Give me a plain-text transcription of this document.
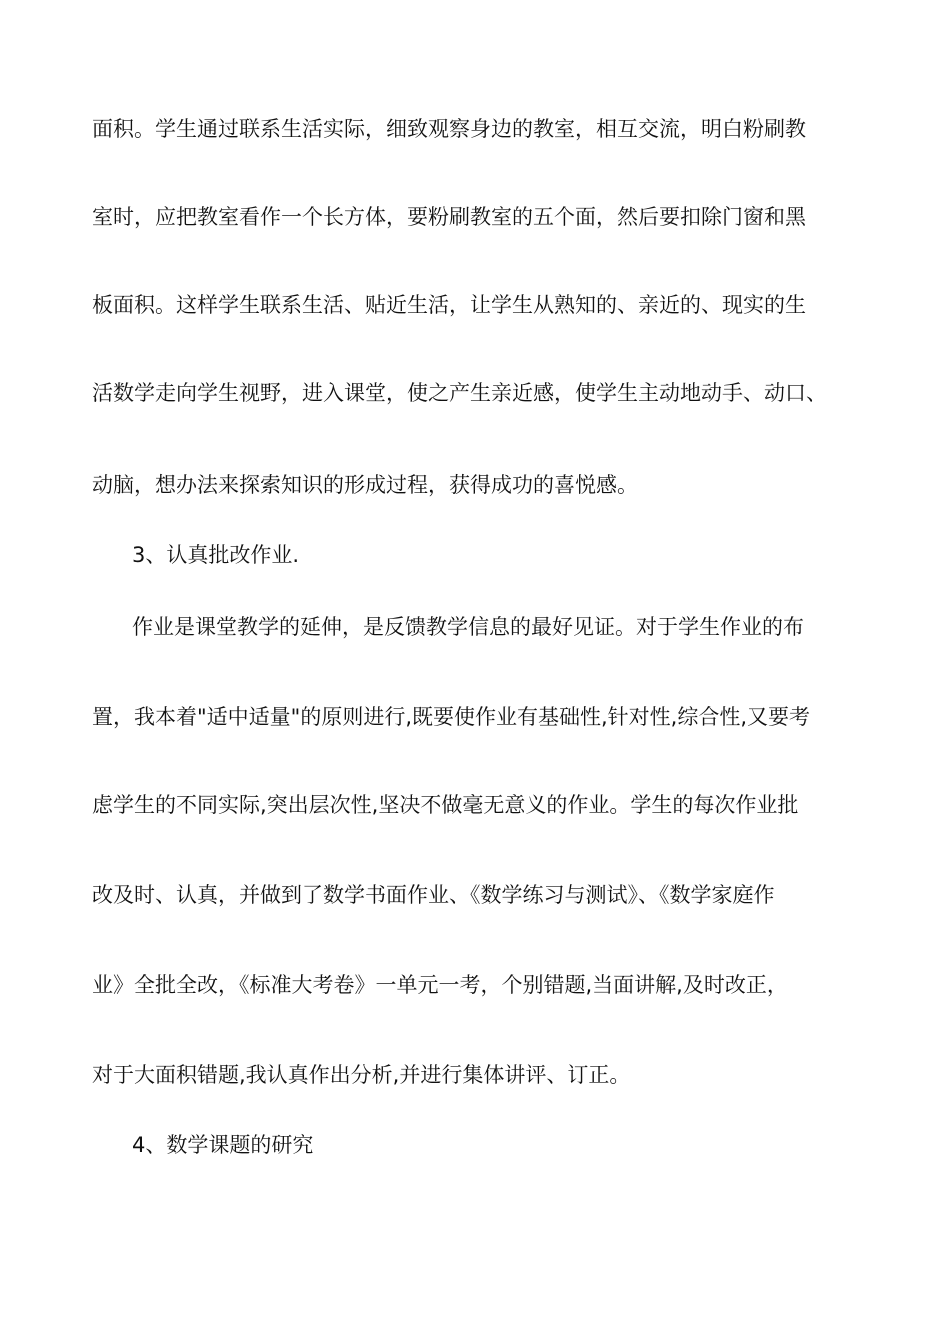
面积。学生通过联系生活实际，细致观察身边的教室，相互交流，明白粉刷教
室时，应把教室看作一个长方体，要粉刷教室的五个面，然后要扣除门窗和黑
板面积。这样学生联系生活、贴近生活，让学生从熟知的、亲近的、现实的生
活数学走向学生视野，进入课堂，使之产生亲近感，使学生主动地动手、动口、
动脑，想办法来探索知识的形成过程，获得成功的喜悦感。
3、认真批改作业.
作业是课堂教学的延伸，是反馈教学信息的最好见证。对于学生作业的布
置，我本着"适中适量"的原则进行,既要使作业有基础性,针对性,综合性,又要考
虑学生的不同实际,突出层次性,坚决不做毫无意义的作业。学生的每次作业批
改及时、认真，并做到了数学书面作业、《数学练习与测试》、《数学家庭作
业》全批全改，《标准大考卷》一单元一考，个别错题,当面讲解,及时改正，
对于大面积错题,我认真作出分析,并进行集体讲评、订正。
4、数学课题的研究
